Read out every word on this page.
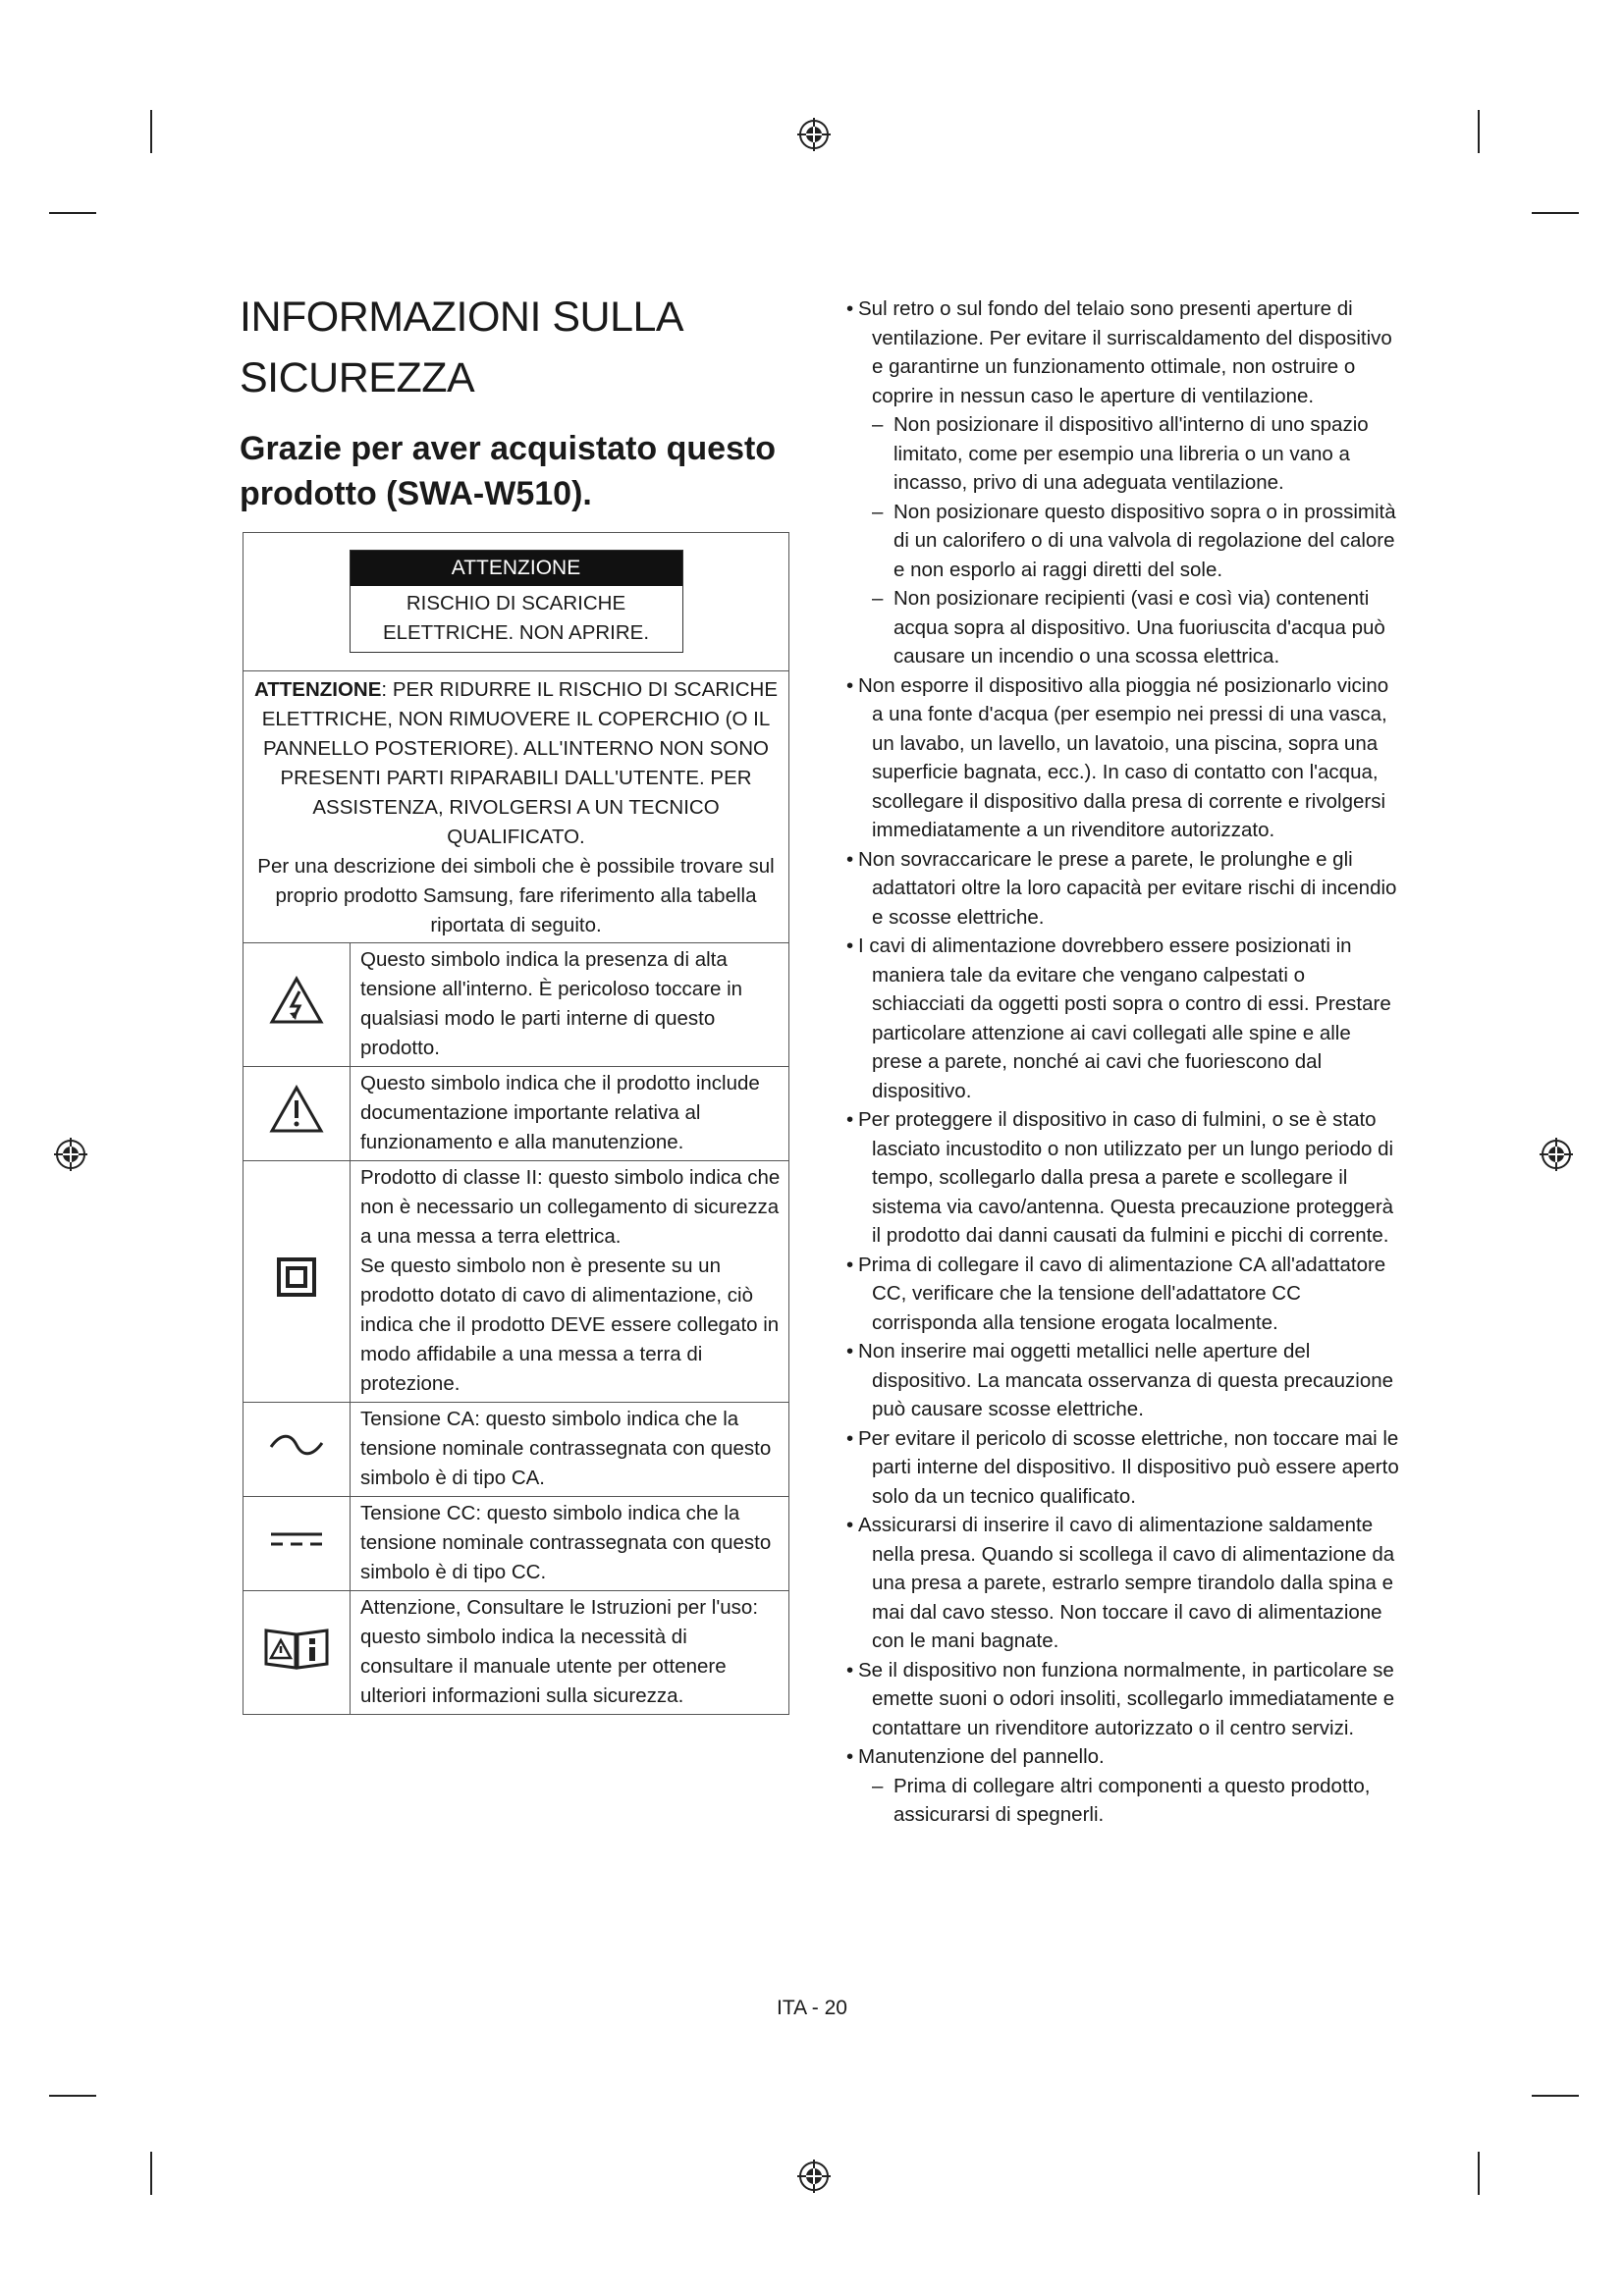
INFORMAZIONI SULLA SICUREZZA
Grazie per aver acquistato questo prodotto (SWA-W510).
ATTENZIONE
RISCHIO DI SCARICHE ELETTRICHE. NON APRIRE.	

ATTENZIONE: PER RIDURRE IL RISCHIO DI SCARICHE ELETTRICHE, NON RIMUOVERE IL COPERCHIO (O IL PANNELLO POSTERIORE). ALL'INTERNO NON SONO PRESENTI PARTI RIPARABILI DALL'UTENTE. PER ASSISTENZA, RIVOLGERSI A UN TECNICO QUALIFICATO.
Per una descrizione dei simboli che è possibile trovare sul proprio prodotto Samsung, fare riferimento alla tabella riportata di seguito.	

	Questo simbolo indica la presenza di alta tensione all'interno. È pericoloso toccare in qualsiasi modo le parti interne di questo prodotto.
	Questo simbolo indica che il prodotto include documentazione importante relativa al funzionamento e alla manutenzione.

Prodotto di classe II: questo simbolo indica che non è necessario un collegamento di sicurezza a una messa a terra elettrica.
Se questo simbolo non è presente su un prodotto dotato di cavo di alimentazione, ciò indica che il prodotto DEVE essere collegato in modo affidabile a una messa a terra di protezione.

	Tensione CA: questo simbolo indica che la tensione nominale contrassegnata con questo simbolo è di tipo CA.
	Tensione CC: questo simbolo indica che la tensione nominale contrassegnata con questo simbolo è di tipo CC.
	Attenzione, Consultare le Istruzioni per l'uso: questo simbolo indica la necessità di consultare il manuale utente per ottenere ulteriori informazioni sulla sicurezza.
• Sul retro o sul fondo del telaio sono presenti aperture di ventilazione. Per evitare il surriscaldamento del dispositivo e garantirne un funzionamento ottimale, non ostruire o coprire in nessun caso le aperture di ventilazione.
– Non posizionare il dispositivo all'interno di uno spazio limitato, come per esempio una libreria o un vano a incasso, privo di una adeguata ventilazione.
– Non posizionare questo dispositivo sopra o in prossimità di un calorifero o di una valvola di regolazione del calore e non esporlo ai raggi diretti del sole.
– Non posizionare recipienti (vasi e così via) contenenti acqua sopra al dispositivo. Una fuoriuscita d'acqua può causare un incendio o una scossa elettrica.
• Non esporre il dispositivo alla pioggia né posizionarlo vicino a una fonte d'acqua (per esempio nei pressi di una vasca, un lavabo, un lavello, un lavatoio, una piscina, sopra una superficie bagnata, ecc.). In caso di contatto con l'acqua, scollegare il dispositivo dalla presa di corrente e rivolgersi immediatamente a un rivenditore autorizzato.
• Non sovraccaricare le prese a parete, le prolunghe e gli adattatori oltre la loro capacità per evitare rischi di incendio e scosse elettriche.
• I cavi di alimentazione dovrebbero essere posizionati in maniera tale da evitare che vengano calpestati o schiacciati da oggetti posti sopra o contro di essi. Prestare particolare attenzione ai cavi collegati alle spine e alle prese a parete, nonché ai cavi che fuoriescono dal dispositivo.
• Per proteggere il dispositivo in caso di fulmini, o se è stato lasciato incustodito o non utilizzato per un lungo periodo di tempo, scollegarlo dalla presa a parete e scollegare il sistema via cavo/antenna. Questa precauzione proteggerà il prodotto dai danni causati da fulmini e picchi di corrente.
• Prima di collegare il cavo di alimentazione CA all'adattatore CC, verificare che la tensione dell'adattatore CC corrisponda alla tensione erogata localmente.
• Non inserire mai oggetti metallici nelle aperture del dispositivo. La mancata osservanza di questa precauzione può causare scosse elettriche.
• Per evitare il pericolo di scosse elettriche, non toccare mai le parti interne del dispositivo. Il dispositivo può essere aperto solo da un tecnico qualificato.
• Assicurarsi di inserire il cavo di alimentazione saldamente nella presa. Quando si scollega il cavo di alimentazione da una presa a parete, estrarlo sempre tirandolo dalla spina e mai dal cavo stesso. Non toccare il cavo di alimentazione con le mani bagnate.
• Se il dispositivo non funziona normalmente, in particolare se emette suoni o odori insoliti, scollegarlo immediatamente e contattare un rivenditore autorizzato o il centro servizi.
• Manutenzione del pannello.
– Prima di collegare altri componenti a questo prodotto, assicurarsi di spegnerli.
ITA - 20
